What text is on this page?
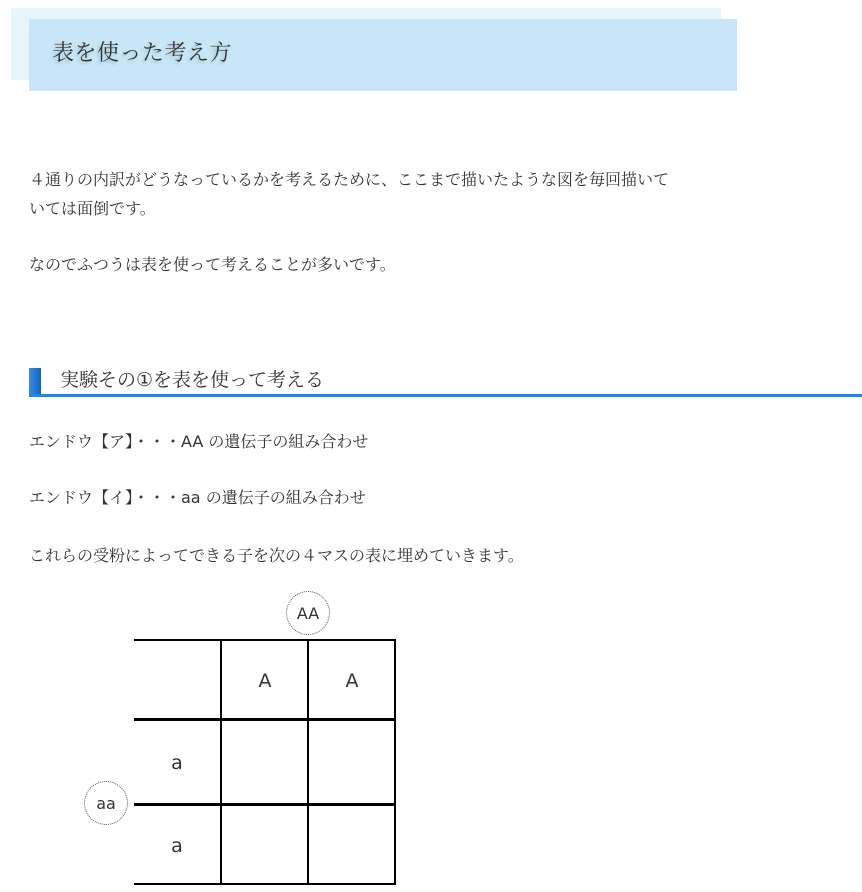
表を使った考え方
４通りの内訳がどうなっているかを考えるために、ここまで描いたような図を毎回描いて
いては面倒です。
なのでふつうは表を使って考えることが多いです。
実験その①を表を使って考える
エンドウ【ア】・・・AA の遺伝子の組み合わせ
エンドウ【イ】・・・aa の遺伝子の組み合わせ
これらの受粉によってできる子を次の４マスの表に埋めていきます。
AA
aa
A	A
a
a
